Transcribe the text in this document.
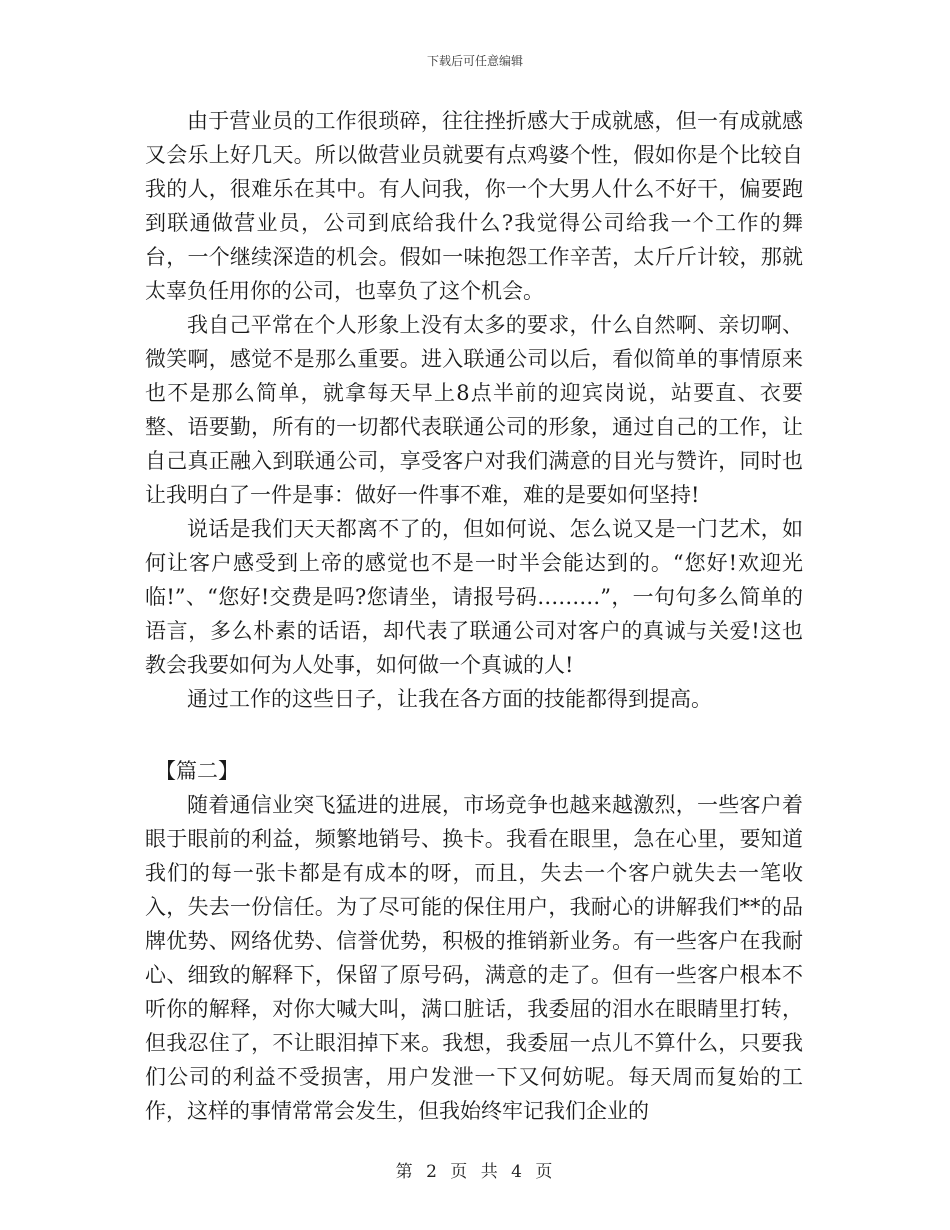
下载后可任意编辑

由于营业员的工作很琐碎，往往挫折感大于成就感，但一有成就感又会乐上好几天。所以做营业员就要有点鸡婆个性，假如你是个比较自我的人，很难乐在其中。有人问我，你一个大男人什么不好干，偏要跑到联通做营业员，公司到底给我什么?我觉得公司给我一个工作的舞台，一个继续深造的机会。假如一味抱怨工作辛苦，太斤斤计较，那就太辜负任用你的公司，也辜负了这个机会。

我自己平常在个人形象上没有太多的要求，什么自然啊、亲切啊、微笑啊，感觉不是那么重要。进入联通公司以后，看似简单的事情原来也不是那么简单，就拿每天早上8点半前的迎宾岗说，站要直、衣要整、语要勤，所有的一切都代表联通公司的形象，通过自己的工作，让自己真正融入到联通公司，享受客户对我们满意的目光与赞许，同时也让我明白了一件是事：做好一件事不难，难的是要如何坚持!

说话是我们天天都离不了的，但如何说、怎么说又是一门艺术，如何让客户感受到上帝的感觉也不是一时半会能达到的。“您好!欢迎光临!”、“您好!交费是吗?您请坐，请报号码………”，一句句多么简单的语言，多么朴素的话语，却代表了联通公司对客户的真诚与关爱!这也教会我要如何为人处事，如何做一个真诚的人!

通过工作的这些日子，让我在各方面的技能都得到提高。

【篇二】

随着通信业突飞猛进的进展，市场竞争也越来越激烈，一些客户着眼于眼前的利益，频繁地销号、换卡。我看在眼里，急在心里，要知道我们的每一张卡都是有成本的呀，而且，失去一个客户就失去一笔收入，失去一份信任。为了尽可能的保住用户，我耐心的讲解我们**的品牌优势、网络优势、信誉优势，积极的推销新业务。有一些客户在我耐心、细致的解释下，保留了原号码，满意的走了。但有一些客户根本不听你的解释，对你大喊大叫，满口脏话，我委屈的泪水在眼睛里打转，但我忍住了，不让眼泪掉下来。我想，我委屈一点儿不算什么，只要我们公司的利益不受损害，用户发泄一下又何妨呢。每天周而复始的工作，这样的事情常常会发生，但我始终牢记我们企业的

第 2 页 共 4 页
